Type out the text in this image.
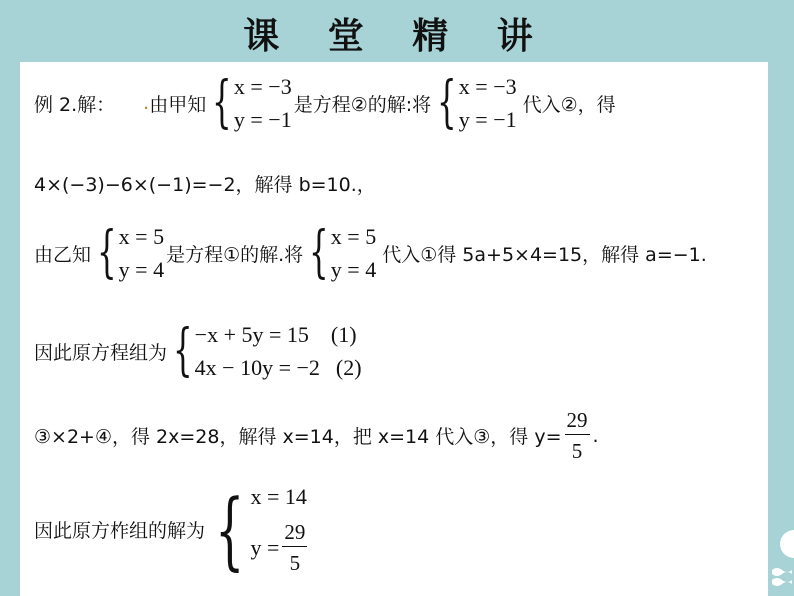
课 堂 精 讲
例 2.解： . 由甲知 { x = −3
y = −1
是方程②的解:将 { x = −3
y = −1
代入②，得
4×(−3)−6×(−1)=−2，解得 b=10.，
由乙知 { x = 5
y = 4
是方程①的解.将 { x = 5
y = 4
代入①得 5a+5×4=15，解得 a=−1.
因此原方程组为 { −x + 5y = 15 (1)
4x − 10y = −2 (2)
③×2+④，得 2x=28，解得 x=14，把 x=14 代入③，得 $y= \frac{29}{5}$ .
因此原方柞组的解为 { x = 14
$y = \frac{29}{5}$
